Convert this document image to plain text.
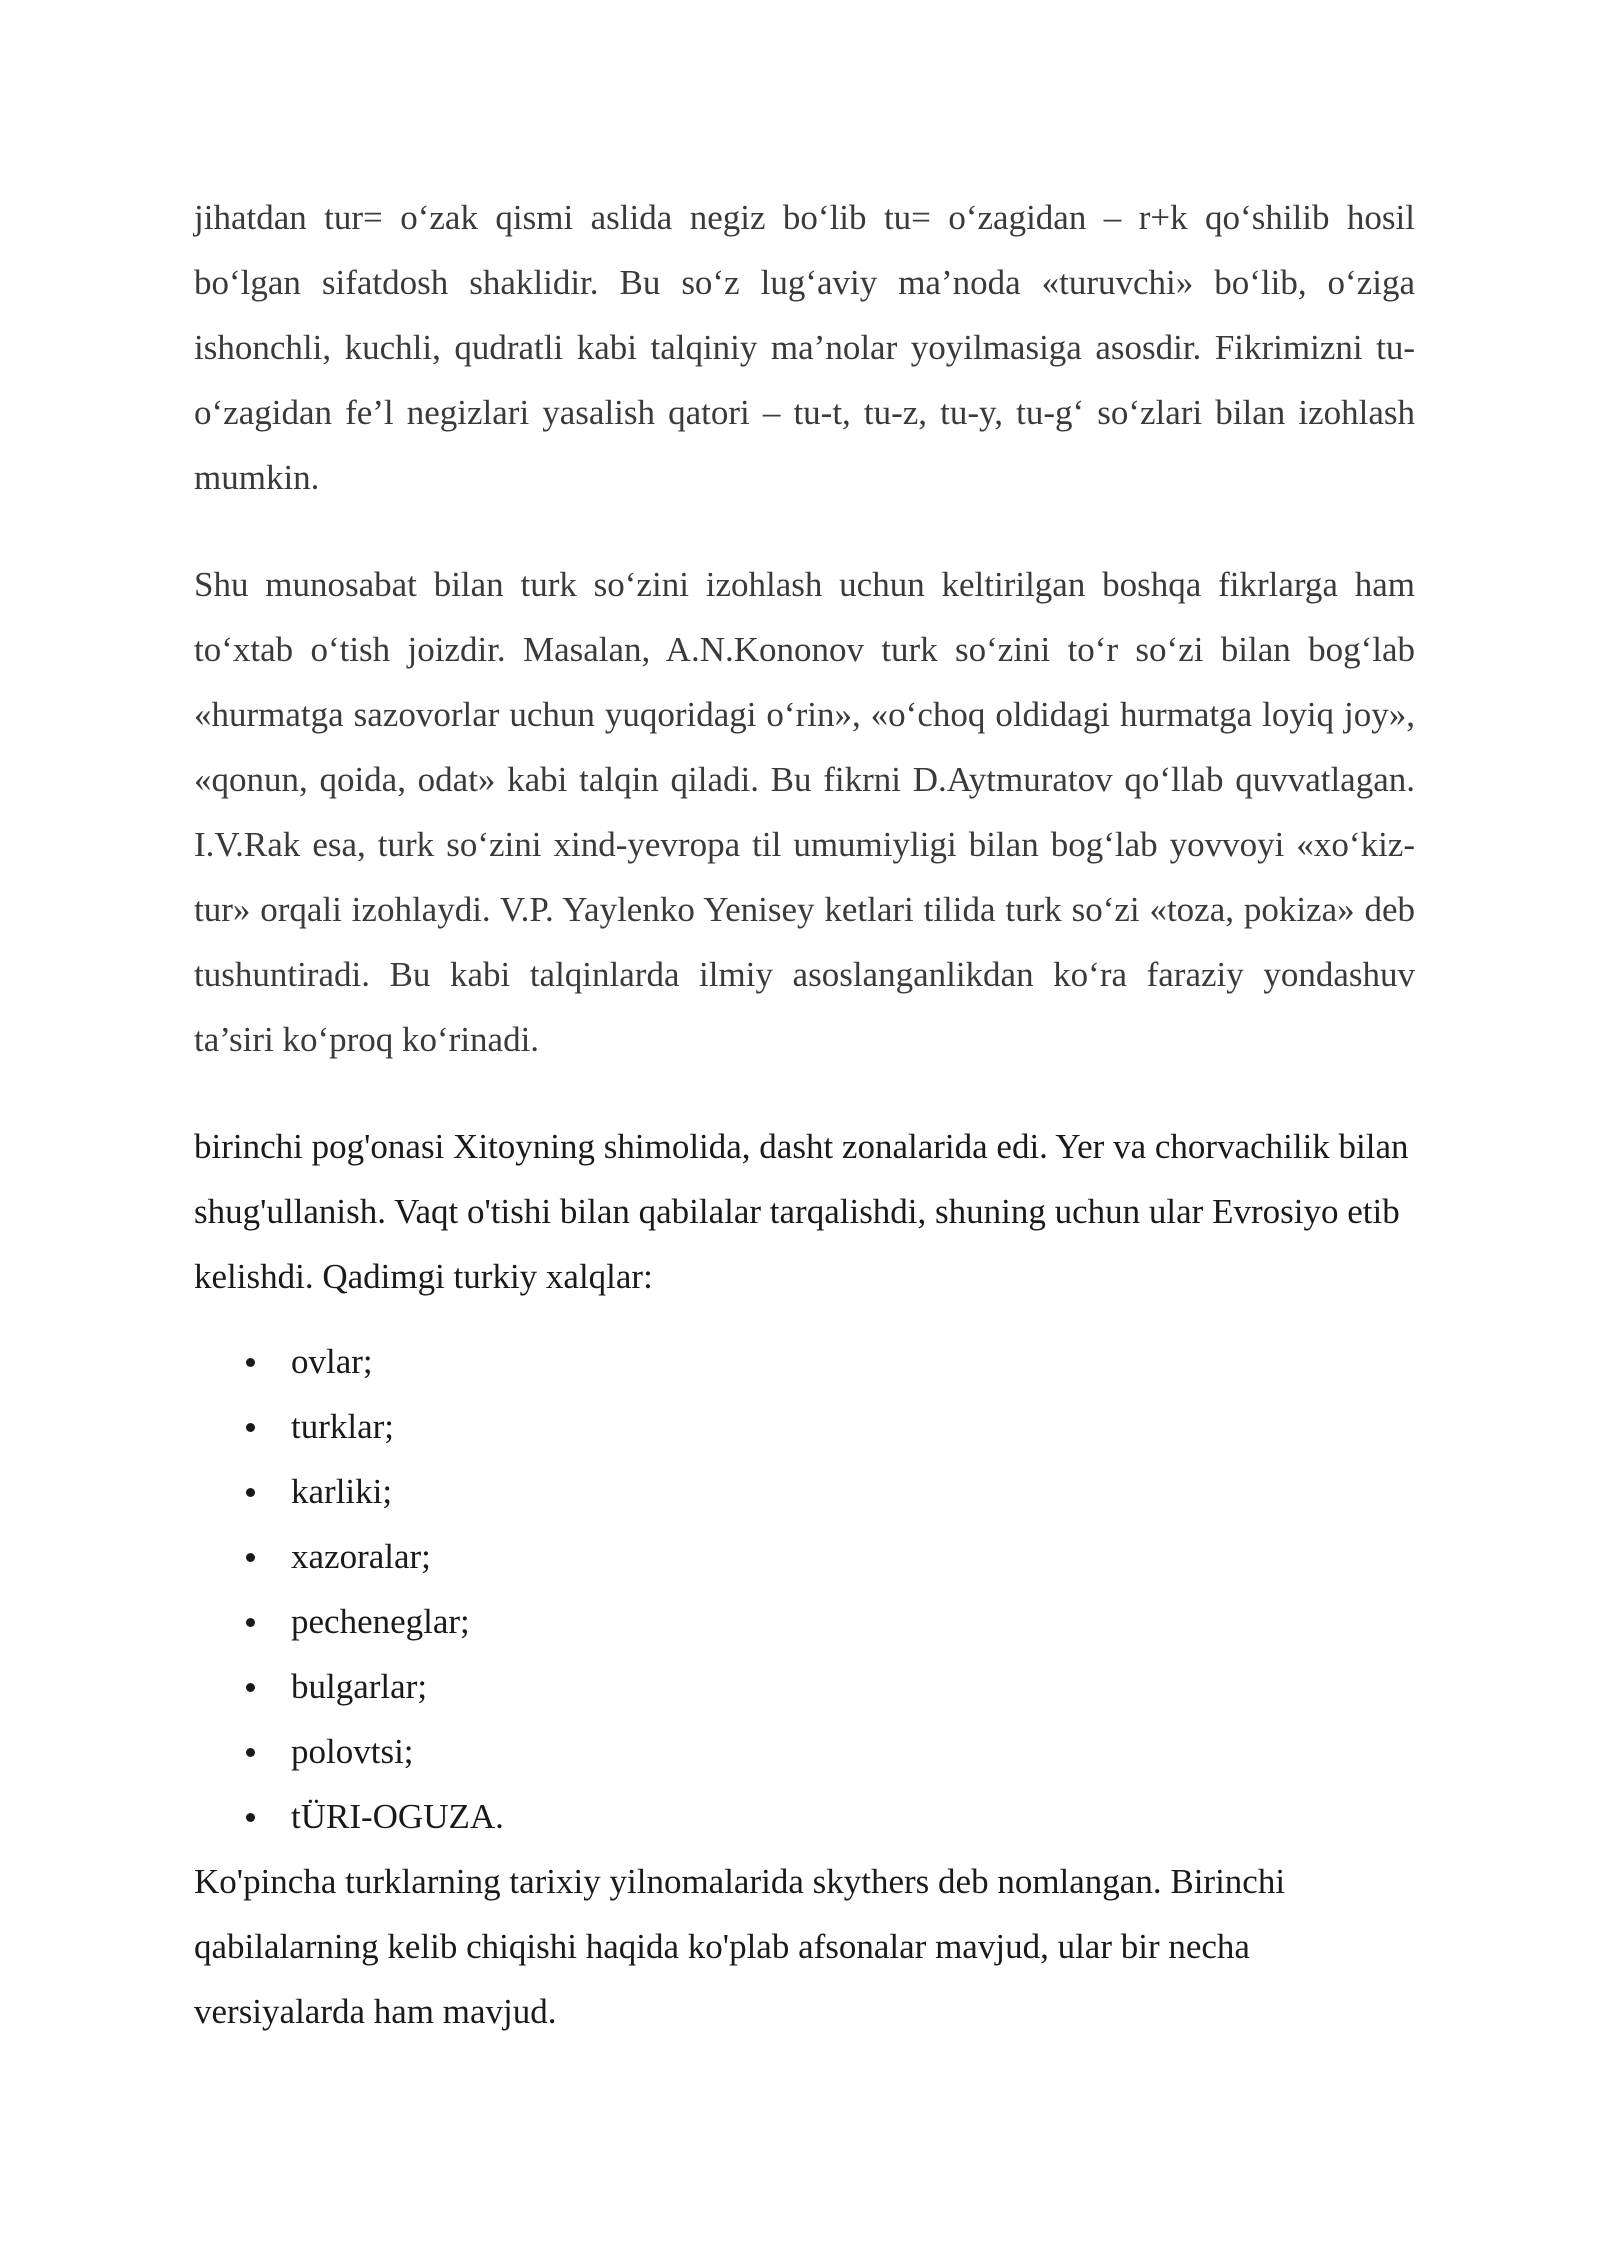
jihatdan tur= o‘zak qismi aslida negiz bo‘lib tu= o‘zagidan – r+k qo‘shilib hosil bo‘lgan sifatdosh shaklidir. Bu so‘z lug‘aviy ma’noda «turuvchi» bo‘lib, o‘ziga ishonchli, kuchli, qudratli kabi talqiniy ma’nolar yoyilmasiga asosdir. Fikrimizni tu- o‘zagidan fe’l negizlari yasalish qatori – tu-t, tu-z, tu-y, tu-g‘ so‘zlari bilan izohlash mumkin.

Shu munosabat bilan turk so‘zini izohlash uchun keltirilgan boshqa fikrlarga ham to‘xtab o‘tish joizdir. Masalan, A.N.Kononov turk so‘zini to‘r so‘zi bilan bog‘lab «hurmatga sazovorlar uchun yuqoridagi o‘rin», «o‘choq oldidagi hurmatga loyiq joy», «qonun, qoida, odat» kabi talqin qiladi. Bu fikrni D.Aytmuratov qo‘llab quvvatlagan. I.V.Rak esa, turk so‘zini xind-yevropa til umumiyligi bilan bog‘lab yovvoyi «xo‘kiz-tur» orqali izohlaydi. V.P. Yaylenko Yenisey ketlari tilida turk so‘zi «toza, pokiza» deb tushuntiradi. Bu kabi talqinlarda ilmiy asoslanganlikdan ko‘ra faraziy yondashuv ta’siri ko‘proq ko‘rinadi.

birinchi pog'onasi Xitoyning shimolida, dasht zonalarida edi. Yer va chorvachilik bilan shug'ullanish. Vaqt o'tishi bilan qabilalar tarqalishdi, shuning uchun ular Evrosiyo etib kelishdi. Qadimgi turkiy xalqlar:

ovlar;
turklar;
karliki;
xazoralar;
pecheneglar;
bulgarlar;
polovtsi;
tÜRI-OGUZA.

Ko'pincha turklarning tarixiy yilnomalarida skythers deb nomlangan. Birinchi qabilalarning kelib chiqishi haqida ko'plab afsonalar mavjud, ular bir necha versiyalarda ham mavjud.
